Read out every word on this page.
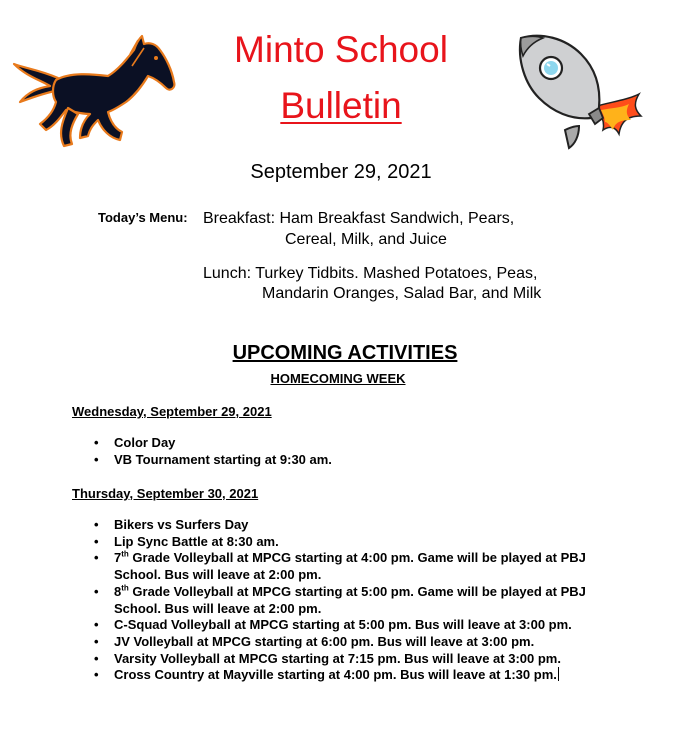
Minto School
Bulletin
September 29, 2021
Today’s Menu: Breakfast: Ham Breakfast Sandwich, Pears,
Cereal, Milk, and Juice
Lunch: Turkey Tidbits. Mashed Potatoes, Peas,
Mandarin Oranges, Salad Bar, and Milk
UPCOMING ACTIVITIES
HOMECOMING WEEK
Wednesday, September 29, 2021
• Color Day
• VB Tournament starting at 9:30 am.
Thursday, September 30, 2021
• Bikers vs Surfers Day
• Lip Sync Battle at 8:30 am.
• 7th Grade Volleyball at MPCG starting at 4:00 pm. Game will be played at PBJ School. Bus will leave at 2:00 pm.
• 8th Grade Volleyball at MPCG starting at 5:00 pm. Game will be played at PBJ School. Bus will leave at 2:00 pm.
• C-Squad Volleyball at MPCG starting at 5:00 pm. Bus will leave at 3:00 pm.
• JV Volleyball at MPCG starting at 6:00 pm. Bus will leave at 3:00 pm.
• Varsity Volleyball at MPCG starting at 7:15 pm. Bus will leave at 3:00 pm.
• Cross Country at Mayville starting at 4:00 pm. Bus will leave at 1:30 pm.
